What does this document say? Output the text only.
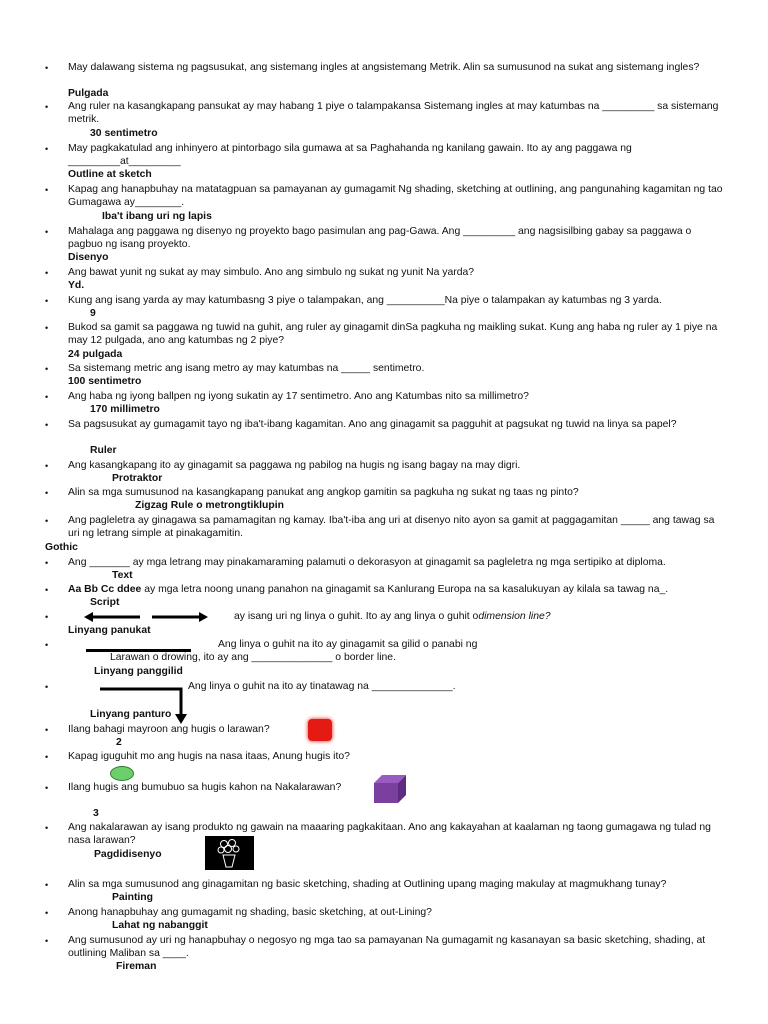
• May dalawang sistema ng pagsusukat, ang sistemang ingles at angsistemang Metrik. Alin sa sumusunod na sukat ang sistemang ingles?
Pulgada
• Ang ruler na kasangkapang pansukat ay may habang 1 piye o talampakansa Sistemang ingles at may katumbas na _________ sa sistemang metrik.
30 sentimetro
• May pagkakatulad ang inhinyero at pintorbago sila gumawa at sa Paghahanda ng kanilang gawain. Ito ay ang paggawa ng _________at_________
Outline at sketch
• Kapag ang hanapbuhay na matatagpuan sa pamayanan ay gumagamit Ng shading, sketching at outlining, ang pangunahing kagamitan ng tao Gumagawa ay________.
Iba't ibang uri ng lapis
• Mahalaga ang paggawa ng disenyo ng proyekto bago pasimulan ang pag-Gawa. Ang _________ ang nagsisilbing gabay sa paggawa o pagbuo ng isang proyekto.
Disenyo
• Ang bawat yunit ng sukat ay may simbulo. Ano ang simbulo ng sukat ng yunit Na yarda?
Yd.
• Kung ang isang yarda ay may katumbasng 3 piye o talampakan, ang __________Na piye o talampakan ay katumbas ng 3 yarda.
9
• Bukod sa gamit sa paggawa ng tuwid na guhit, ang ruler ay ginagamit dinSa pagkuha ng maikling sukat. Kung ang haba ng ruler ay 1 piye na may 12 pulgada, ano ang katumbas ng 2 piye?
24 pulgada
• Sa sistemang metric ang isang metro ay may katumbas na _____ sentimetro.
100 sentimetro
• Ang haba ng iyong ballpen ng iyong sukatin ay 17 sentimetro. Ano ang Katumbas nito sa millimetro?
170 millimetro
• Sa pagsusukat ay gumagamit tayo ng iba't-ibang kagamitan. Ano ang ginagamit sa pagguhit at pagsukat ng tuwid na linya sa papel?
Ruler
• Ang kasangkapang ito ay ginagamit sa paggawa ng pabilog na hugis ng isang bagay na may digri.
Protraktor
• Alin sa mga sumusunod na kasangkapang panukat ang angkop gamitin sa pagkuha ng sukat ng taas ng pinto?
Zigzag Rule o metrongtiklupin
• Ang pagleletra ay ginagawa sa pamamagitan ng kamay. Iba't-iba ang uri at disenyo nito ayon sa gamit at paggagamitan _____ ang tawag sa uri ng letrang simple at pinakagamitin.
Gothic
• Ang _______ ay mga letrang may pinakamaraming palamuti o dekorasyon at ginagamit sa pagleletra ng mga sertipiko at diploma.
Text
• Aa Bb Cc ddee ay mga letra noong unang panahon na ginagamit sa Kanlurang Europa na sa kasalukuyan ay kilala sa tawag na_.
Script
•	ay isang uri ng linya o guhit. Ito ay ang linya o guhit odimension line?
Linyang panukat
•	Ang linya o guhit na ito ay ginagamit sa gilid o panabi ng
Larawan o drowing, ito ay ang ______________ o border line.
Linyang panggilid
•	Ang linya o guhit na ito ay tinatawag na ______________.
Linyang panturo
• Ilang bahagi mayroon ang hugis o larawan?
2
• Kapag iguguhit mo ang hugis na nasa itaas, Anung hugis ito?
• Ilang hugis ang bumubuo sa hugis kahon na Nakalarawan?
3
• Ang nakalarawan ay isang produkto ng gawain na maaaring pagkakitaan. Ano ang kakayahan at kaalaman ng taong gumagawa ng tulad ng nasa larawan?
Pagdidisenyo
• Alin sa mga sumusunod ang ginagamitan ng basic sketching, shading at Outlining upang maging makulay at magmukhang tunay?
Painting
• Anong hanapbuhay ang gumagamit ng shading, basic sketching, at out-Lining?
Lahat ng nabanggit
• Ang sumusunod ay uri ng hanapbuhay o negosyo ng mga tao sa pamayanan Na gumagamit ng kasanayan sa basic sketching, shading, at outlining Maliban sa ____.
Fireman
